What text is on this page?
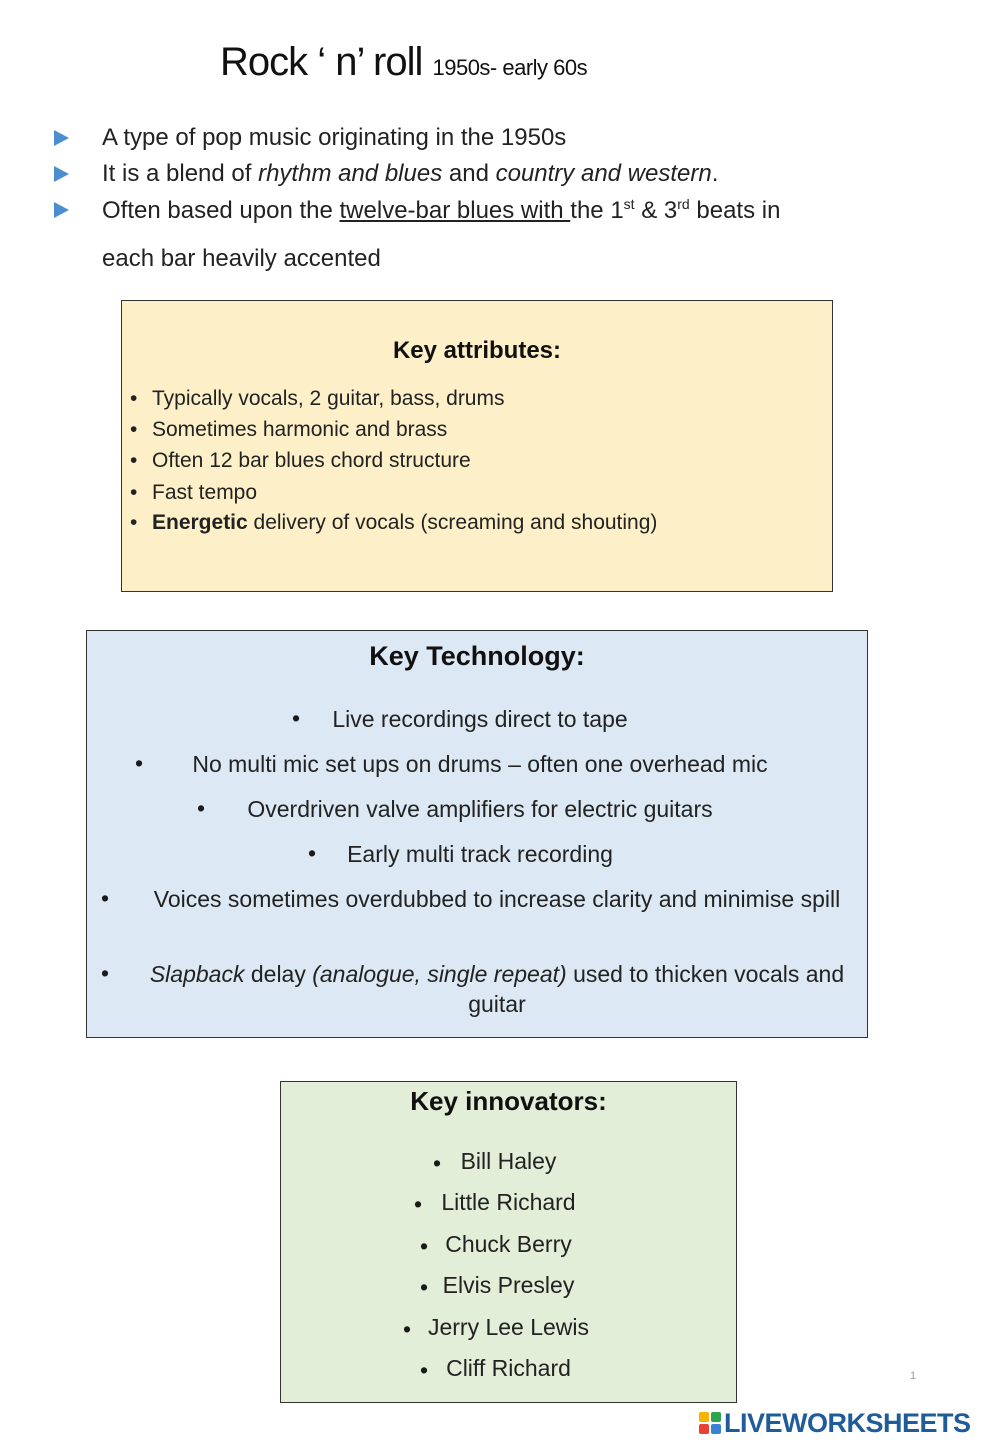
Rock ‘ n’ roll 1950s- early 60s
A type of pop music originating in the 1950s
It is a blend of rhythm and blues and country and western.
Often based upon the twelve-bar blues with the 1st & 3rd beats in
each bar heavily accented
Key attributes:
• Typically vocals, 2 guitar, bass, drums
• Sometimes harmonic and brass
• Often 12 bar blues chord structure
• Fast tempo
• Energetic delivery of vocals (screaming and shouting)
Key Technology:
•	Live recordings direct to tape
•	No multi mic set ups on drums – often one overhead mic
•	Overdriven valve amplifiers for electric guitars
•	Early multi track recording
•	Voices sometimes overdubbed to increase clarity and minimise spill
•	Slapback delay (analogue, single repeat) used to thicken vocals and guitar
Key innovators:
• Bill Haley
• Little Richard
• Chuck Berry
• Elvis Presley
• Jerry Lee Lewis
• Cliff Richard	1
LIVEWORKSHEETS
